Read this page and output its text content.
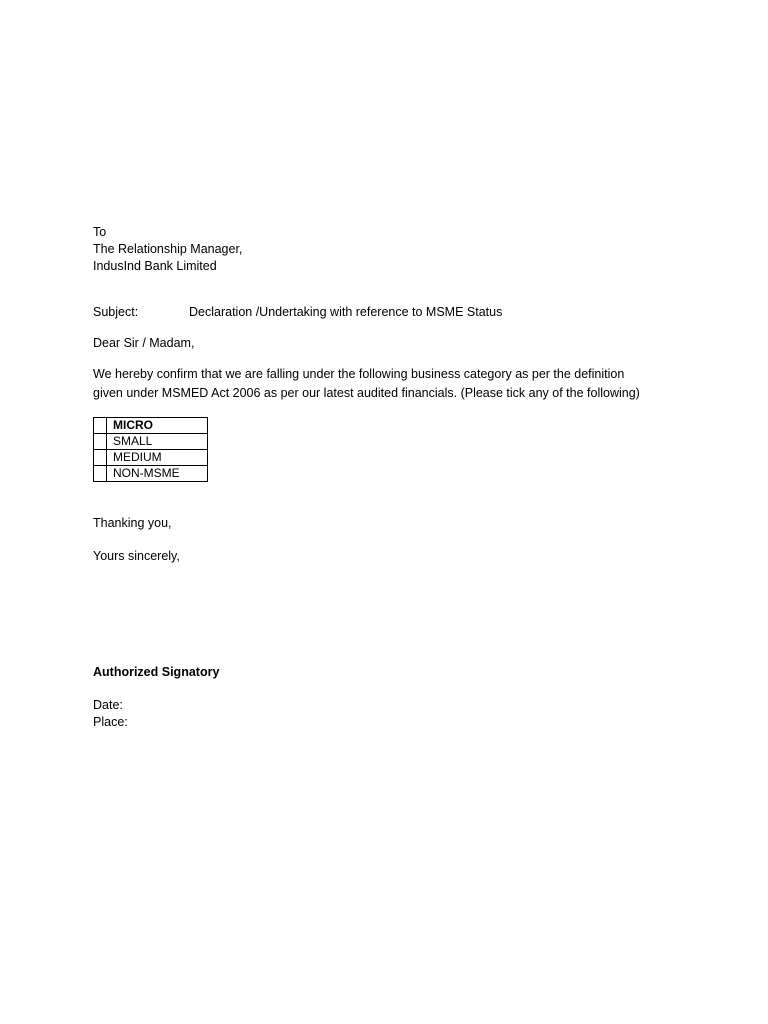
To
The Relationship Manager,
IndusInd Bank Limited
Subject:	Declaration /Undertaking with reference to MSME Status
Dear Sir / Madam,
We hereby confirm that we are falling under the following business category as per the definition
given under MSMED Act 2006 as per our latest audited financials. (Please tick any of the following)
	MICRO
	SMALL
	MEDIUM
	NON-MSME
Thanking you,
Yours sincerely,
Authorized Signatory
Date:
Place:
